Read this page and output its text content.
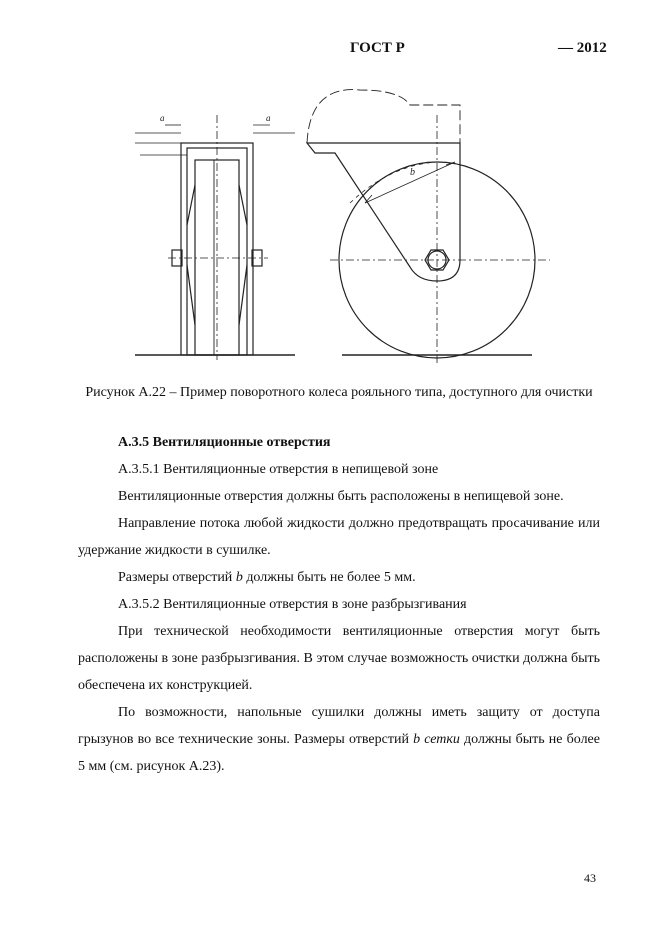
ГОСТ Р	— 2012
a	a
b
Рисунок А.22 – Пример поворотного колеса рояльного типа, доступного для очистки

А.3.5 Вентиляционные отверстия

А.3.5.1 Вентиляционные отверстия в непищевой зоне

Вентиляционные отверстия должны быть расположены в непищевой зоне.

Направление потока любой жидкости должно предотвращать просачивание или удержание жидкости в сушилке.

Размеры отверстий b должны быть не более 5 мм.

А.3.5.2 Вентиляционные отверстия в зоне разбрызгивания

При технической необходимости вентиляционные отверстия могут быть расположены в зоне разбрызгивания. В этом случае возможность очистки должна быть обеспечена их конструкцией.

По возможности, напольные сушилки должны иметь защиту от доступа грызунов во все технические зоны. Размеры отверстий b сетки должны быть не более 5 мм (см. рисунок А.23).

43
